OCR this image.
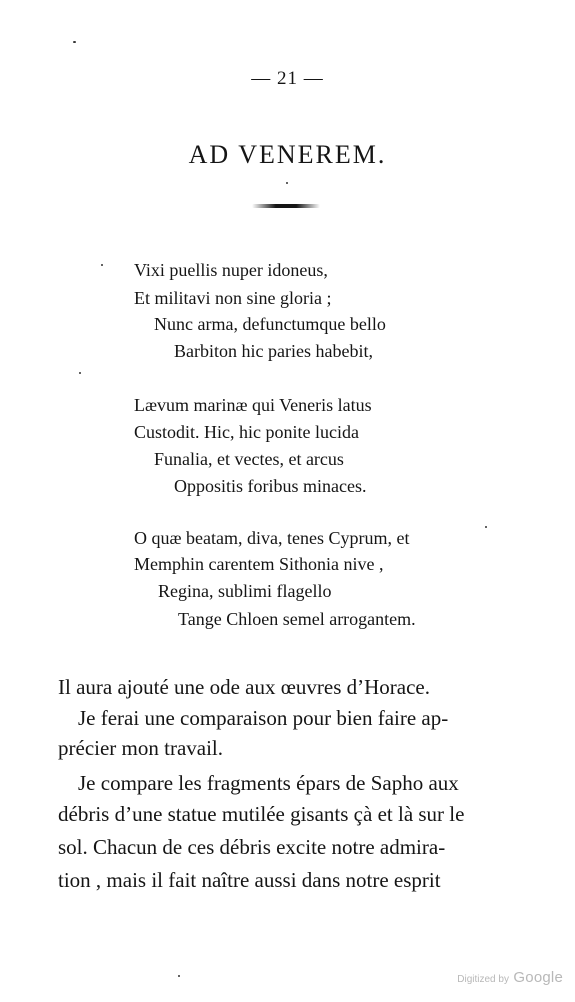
— 21 —
AD VENEREM.
Vixi puellis nuper idoneus,
Et militavi non sine gloria ;
Nunc arma, defunctumque bello
Barbiton hic paries habebit,
Lævum marinæ qui Veneris latus
Custodit. Hic, hic ponite lucida
Funalia, et vectes, et arcus
Oppositis foribus minaces.
O quæ beatam, diva, tenes Cyprum, et
Memphin carentem Sithonia nive ,
Regina, sublimi flagello
Tange Chloen semel arrogantem.
Il aura ajouté une ode aux œuvres d’Horace.
Je ferai une comparaison pour bien faire ap-
précier mon travail.
Je compare les fragments épars de Sapho aux
débris d’une statue mutilée gisants çà et là sur le
sol. Chacun de ces débris excite notre admira-
tion , mais il fait naître aussi dans notre esprit
Digitized by Google
